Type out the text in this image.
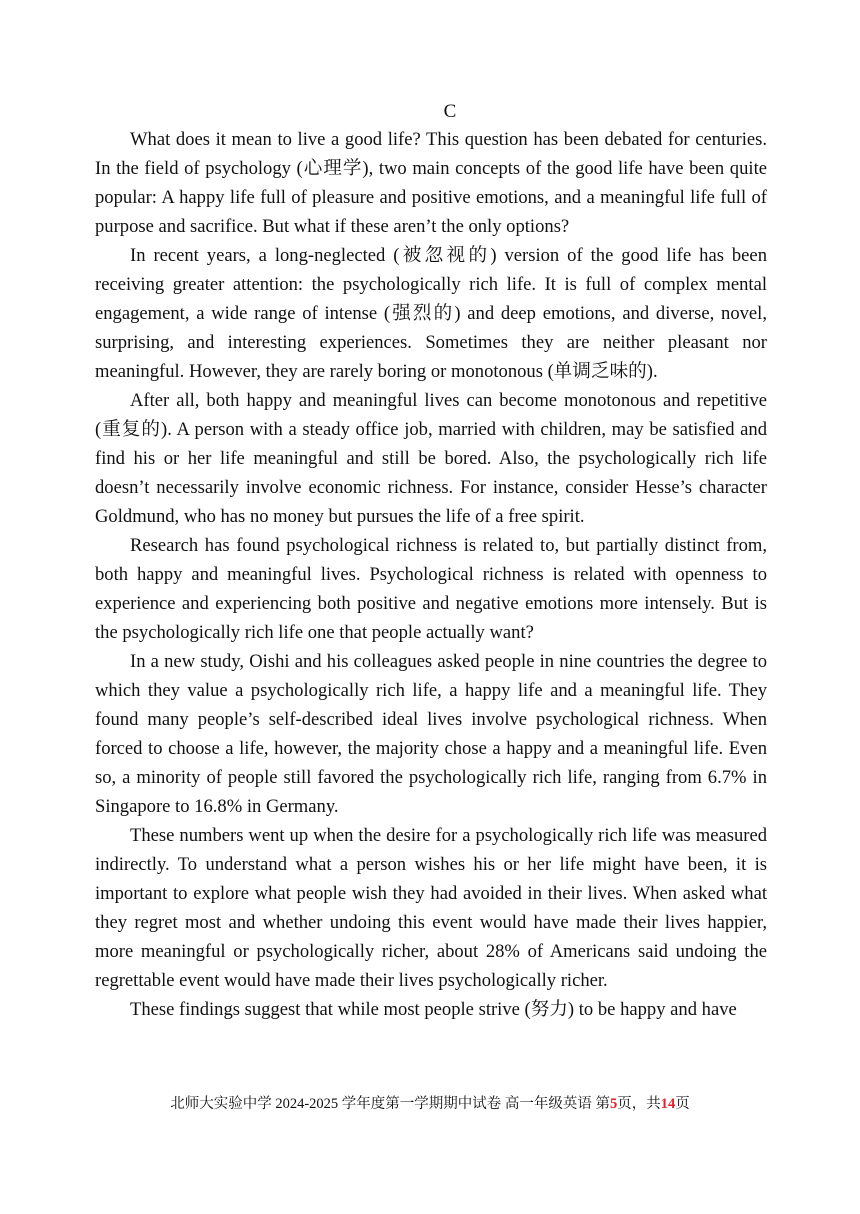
C

What does it mean to live a good life? This question has been debated for centuries. In the field of psychology (心理学), two main concepts of the good life have been quite popular: A happy life full of pleasure and positive emotions, and a meaningful life full of purpose and sacrifice. But what if these aren’t the only options?

In recent years, a long-neglected (被忽视的) version of the good life has been receiving greater attention: the psychologically rich life. It is full of complex mental engagement, a wide range of intense (强烈的) and deep emotions, and diverse, novel, surprising, and interesting experiences. Sometimes they are neither pleasant nor meaningful. However, they are rarely boring or monotonous (单调乏味的).

After all, both happy and meaningful lives can become monotonous and repetitive (重复的). A person with a steady office job, married with children, may be satisfied and find his or her life meaningful and still be bored. Also, the psychologically rich life doesn’t necessarily involve economic richness. For instance, consider Hesse’s character Goldmund, who has no money but pursues the life of a free spirit.

Research has found psychological richness is related to, but partially distinct from, both happy and meaningful lives. Psychological richness is related with openness to experience and experiencing both positive and negative emotions more intensely. But is the psychologically rich life one that people actually want?

In a new study, Oishi and his colleagues asked people in nine countries the degree to which they value a psychologically rich life, a happy life and a meaningful life. They found many people’s self-described ideal lives involve psychological richness. When forced to choose a life, however, the majority chose a happy and a meaningful life. Even so, a minority of people still favored the psychologically rich life, ranging from 6.7% in Singapore to 16.8% in Germany.

These numbers went up when the desire for a psychologically rich life was measured indirectly. To understand what a person wishes his or her life might have been, it is important to explore what people wish they had avoided in their lives. When asked what they regret most and whether undoing this event would have made their lives happier, more meaningful or psychologically richer, about 28% of Americans said undoing the regrettable event would have made their lives psychologically richer.

These findings suggest that while most people strive (努力) to be happy and have

北师大实验中学 2024-2025 学年度第一学期期中试卷 高一年级英语 第5页，共14页
